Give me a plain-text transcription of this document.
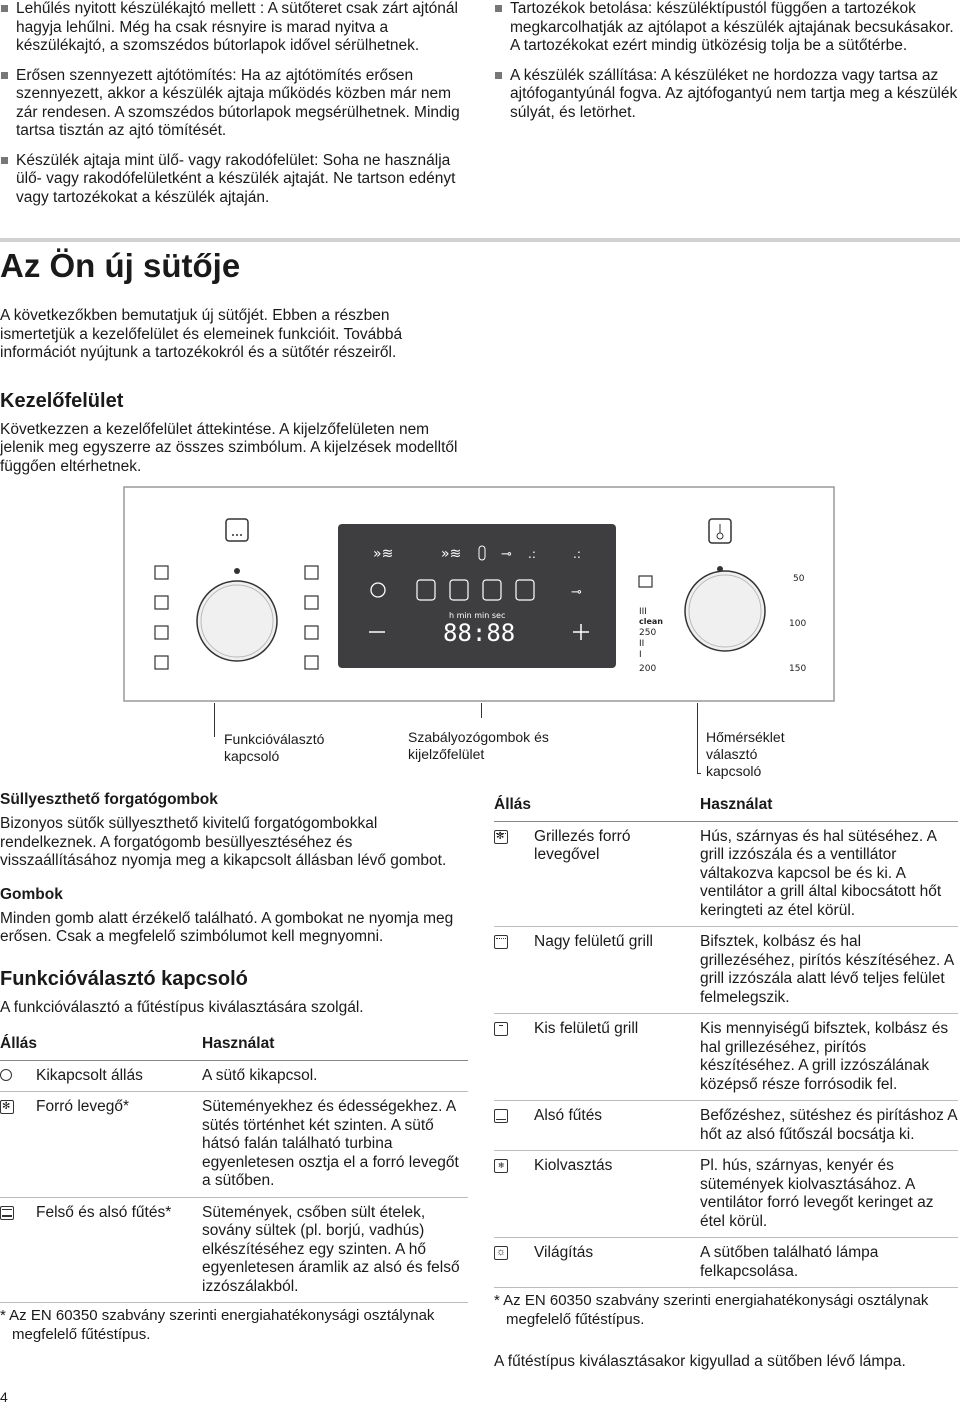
Lehűlés nyitott készülékajtó mellett : A sütőteret csak zárt ajtónál hagyja lehűlni. Még ha csak résnyire is marad nyitva a készülékajtó, a szomszédos bútorlapok idővel sérülhetnek.
Erősen szennyezett ajtótömítés: Ha az ajtótömítés erősen szennyezett, akkor a készülék ajtaja működés közben már nem zár rendesen. A szomszédos bútorlapok megsérülhetnek. Mindig tartsa tisztán az ajtó tömítését.
Készülék ajtaja mint ülő- vagy rakodófelület: Soha ne használja ülő- vagy rakodófelületként a készülék ajtaját. Ne tartson edényt vagy tartozékokat a készülék ajtaján.
Tartozékok betolása: készüléktípustól függően a tartozékok megkarcolhatják az ajtólapot a készülék ajtajának becsukásakor. A tartozékokat ezért mindig ütközésig tolja be a sütőtérbe.
A készülék szállítása: A készüléket ne hordozza vagy tartsa az ajtófogantyúnál fogva. Az ajtófogantyú nem tartja meg a készülék súlyát, és letörhet.
Az Ön új sütője

A következőkben bemutatjuk új sütőjét. Ebben a részben ismertetjük a kezelőfelület és elemeinek funkcióit. Továbbá információt nyújtunk a tartozékokról és a sütőtér részeiről.

Kezelőfelület

Következzen a kezelőfelület áttekintése. A kijelzőfelületen nem jelenik meg egyszerre az összes szimbólum. A kijelzések modelltől függően eltérhetnek.

»≋	»≋	⊸ .:	.:
⊸
h min min sec
88:88
III
clean
250
II
I
200
50
100
150
Funkcióválasztó kapcsoló
Szabályozógombok és kijelzőfelület
Hőmérséklet választó kapcsoló
Süllyeszthető forgatógombok

Bizonyos sütők süllyeszthető kivitelű forgatógombokkal rendelkeznek. A forgatógomb besüllyesztéséhez és visszaállításához nyomja meg a kikapcsolt állásban lévő gombot.

Gombok

Minden gomb alatt érzékelő található. A gombokat ne nyomja meg erősen. Csak a megfelelő szimbólumot kell megnyomni.

Funkcióválasztó kapcsoló

A funkcióválasztó a fűtéstípus kiválasztására szolgál.

Állás		Használat
	Kikapcsolt állás	A sütő kikapcsol.
✻	Forró levegő*	Süteményekhez és édességekhez. A sütés történhet két szinten. A sütő hátsó falán található turbina egyenletesen osztja el a forró levegőt a sütőben.
	Felső és alsó fűtés*	Sütemények, csőben sült ételek, sovány sültek (pl. borjú, vadhús) elkészítéséhez egy szinten. A hő egyenletesen áramlik az alsó és felső izzószálakból.

* Az EN 60350 szabvány szerinti energiahatékonysági osztálynak megfelelő fűtéstípus.

Állás		Használat
✻	Grillezés forró levegővel	Hús, szárnyas és hal sütéséhez. A grill izzószála és a ventillátor váltakozva kapcsol be és ki. A ventilátor a grill által kibocsátott hőt keringteti az étel körül.
	Nagy felületű grill	Bifsztek, kolbász és hal grillezéséhez, pirítós készítéséhez. A grill izzószála alatt lévő teljes felület felmelegszik.
	Kis felületű grill	Kis mennyiségű bifsztek, kolbász és hal grillezéséhez, pirítós készítéséhez. A grill izzószálának középső része forrósodik fel.
	Alsó fűtés	Befőzéshez, sütéshez és pirításhoz A hőt az alsó fűtőszál bocsátja ki.
❄	Kiolvasztás	Pl. hús, szárnyas, kenyér és sütemények kiolvasztásához. A ventilátor forró levegőt keringet az étel körül.
☼	Világítás	A sütőben található lámpa felkapcsolása.

* Az EN 60350 szabvány szerinti energiahatékonysági osztálynak megfelelő fűtéstípus.

A fűtéstípus kiválasztásakor kigyullad a sütőben lévő lámpa.

4
